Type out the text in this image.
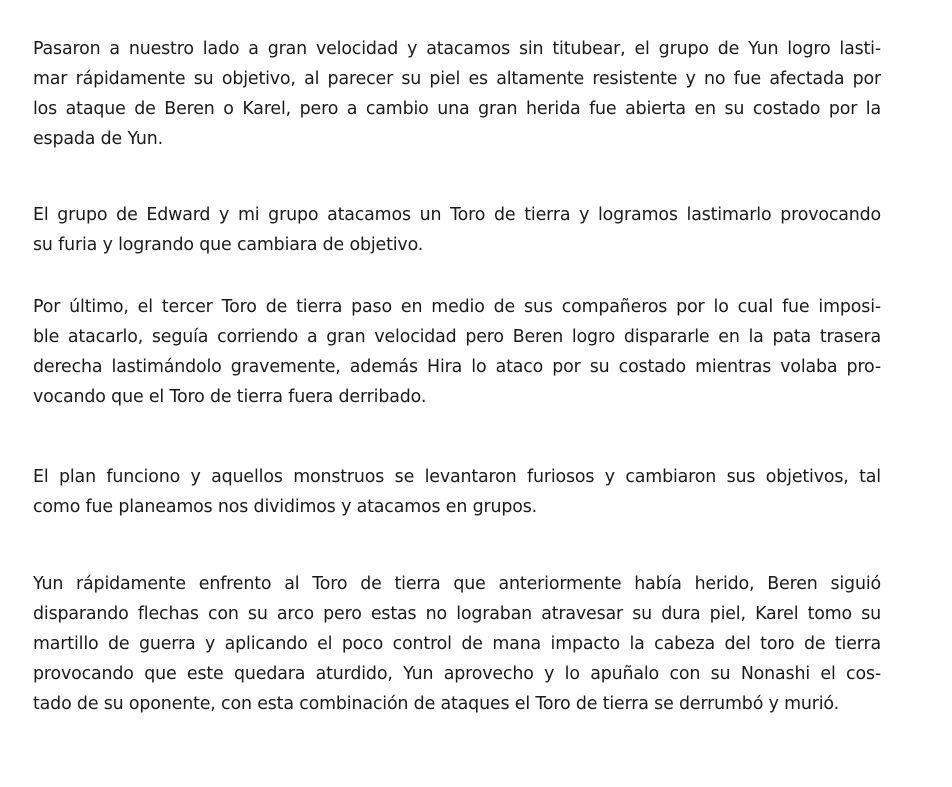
Pasaron a nuestro lado a gran velocidad y atacamos sin titubear, el grupo de Yun logro lasti-
mar rápidamente su objetivo, al parecer su piel es altamente resistente y no fue afectada por
los ataque de Beren o Karel, pero a cambio una gran herida fue abierta en su costado por la
espada de Yun.

El grupo de Edward y mi grupo atacamos un Toro de tierra y logramos lastimarlo provocando
su furia y logrando que cambiara de objetivo.

Por último, el tercer Toro de tierra paso en medio de sus compañeros por lo cual fue imposi-
ble atacarlo, seguía corriendo a gran velocidad pero Beren logro dispararle en la pata trasera
derecha lastimándolo gravemente, además Hira lo ataco por su costado mientras volaba pro-
vocando que el Toro de tierra fuera derribado.

El plan funciono y aquellos monstruos se levantaron furiosos y cambiaron sus objetivos, tal
como fue planeamos nos dividimos y atacamos en grupos.

Yun rápidamente enfrento al Toro de tierra que anteriormente había herido, Beren siguió
disparando flechas con su arco pero estas no lograban atravesar su dura piel, Karel tomo su
martillo de guerra y aplicando el poco control de mana impacto la cabeza del toro de tierra
provocando que este quedara aturdido, Yun aprovecho y lo apuñalo con su Nonashi el cos-
tado de su oponente, con esta combinación de ataques el Toro de tierra se derrumbó y murió.
